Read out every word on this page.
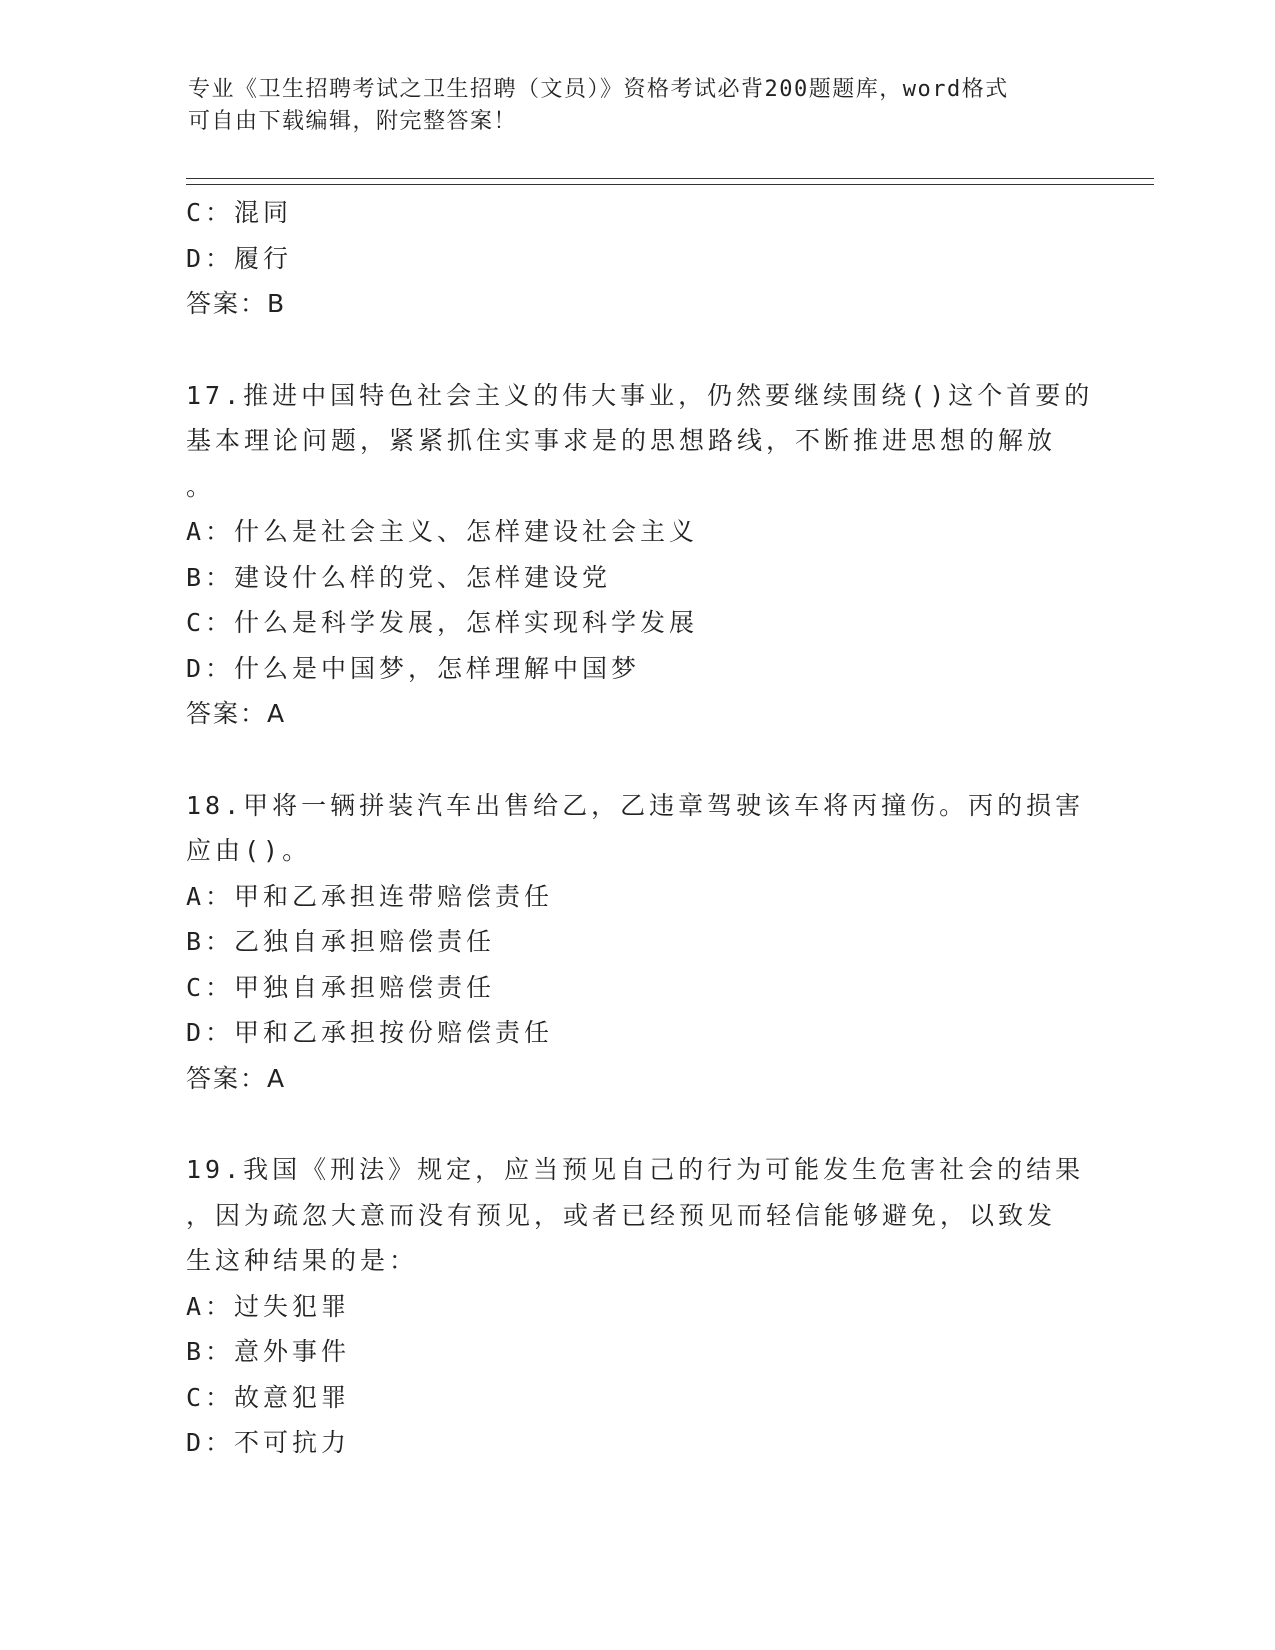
专业《卫生招聘考试之卫生招聘（文员）》资格考试必背200题题库，word格式
可自由下载编辑，附完整答案！
C：混同
D：履行
答案：B
17.推进中国特色社会主义的伟大事业，仍然要继续围绕()这个首要的
基本理论问题，紧紧抓住实事求是的思想路线，不断推进思想的解放
。
A：什么是社会主义、怎样建设社会主义
B：建设什么样的党、怎样建设党
C：什么是科学发展，怎样实现科学发展
D：什么是中国梦，怎样理解中国梦
答案：A
18.甲将一辆拼装汽车出售给乙，乙违章驾驶该车将丙撞伤。丙的损害
应由()。
A：甲和乙承担连带赔偿责任
B：乙独自承担赔偿责任
C：甲独自承担赔偿责任
D：甲和乙承担按份赔偿责任
答案：A
19.我国《刑法》规定，应当预见自己的行为可能发生危害社会的结果
，因为疏忽大意而没有预见，或者已经预见而轻信能够避免，以致发
生这种结果的是：
A：过失犯罪
B：意外事件
C：故意犯罪
D：不可抗力
